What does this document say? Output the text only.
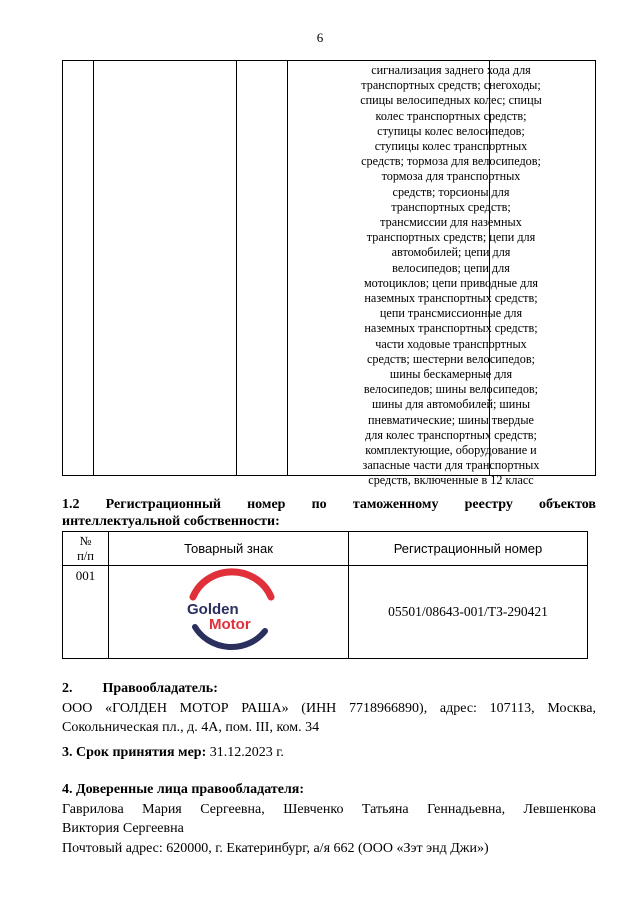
6
сигнализация заднего хода для
транспортных средств; снегоходы;
спицы велосипедных колес; спицы
колес транспортных средств;
ступицы колес велосипедов;
ступицы колес транспортных
средств; тормоза для велосипедов;
тормоза для транспортных
средств; торсионы для
транспортных средств;
трансмиссии для наземных
транспортных средств; цепи для
автомобилей; цепи для
велосипедов; цепи для
мотоциклов; цепи приводные для
наземных транспортных средств;
цепи трансмиссионные для
наземных транспортных средств;
части ходовые транспортных
средств; шестерни велосипедов;
шины бескамерные для
велосипедов; шины велосипедов;
шины для автомобилей; шины
пневматические; шины твердые
для колес транспортных средств;
комплектующие, оборудование и
запасные части для транспортных
средств, включенные в 12 класс
1.2 Регистрационный номер по таможенному реестру объектов
интеллектуальной собственности:
№
п/п	Товарный знак	Регистрационный номер
001	Golden
Motor	05501/08643-001/ТЗ-290421
2. Правообладатель:
ООО «ГОЛДЕН МОТОР РАША» (ИНН 7718966890), адрес: 107113, Москва,
Сокольническая пл., д. 4А, пом. III, ком. 34
3. Срок принятия мер: 31.12.2023 г.
4. Доверенные лица правообладателя:
Гаврилова Мария Сергеевна, Шевченко Татьяна Геннадьевна, Левшенкова
Виктория Сергеевна
Почтовый адрес: 620000, г. Екатеринбург, а/я 662 (ООО «Зэт энд Джи»)
